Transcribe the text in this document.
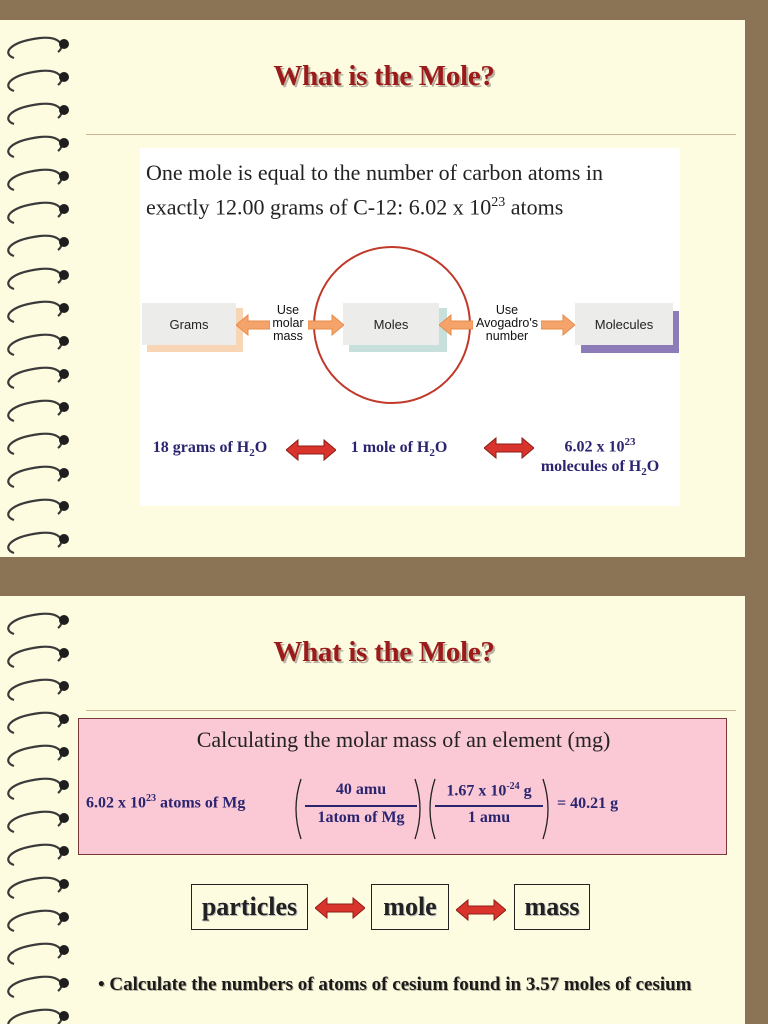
What is the Mole?
One mole is equal to the number of carbon atoms in
exactly 12.00 grams of C-12: 6.02 x $10^{23}$ atoms
Grams	Moles	Molecules
Use
molar
mass
Use
Avogadro's
number
18 grams of $H_2O$	1 mole of $H_2O$	6.02 x $10^{23}$
molecules of $H_2O$
What is the Mole?
Calculating the molar mass of an element (mg)
6.02 x $10^{23}$ atoms of Mg
40 amu
1atom of Mg
1.67 x $10^{-24}$ g
1 amu
= 40.21 g
particles	mole	mass
• Calculate the numbers of atoms of cesium found in 3.57 moles of cesium
